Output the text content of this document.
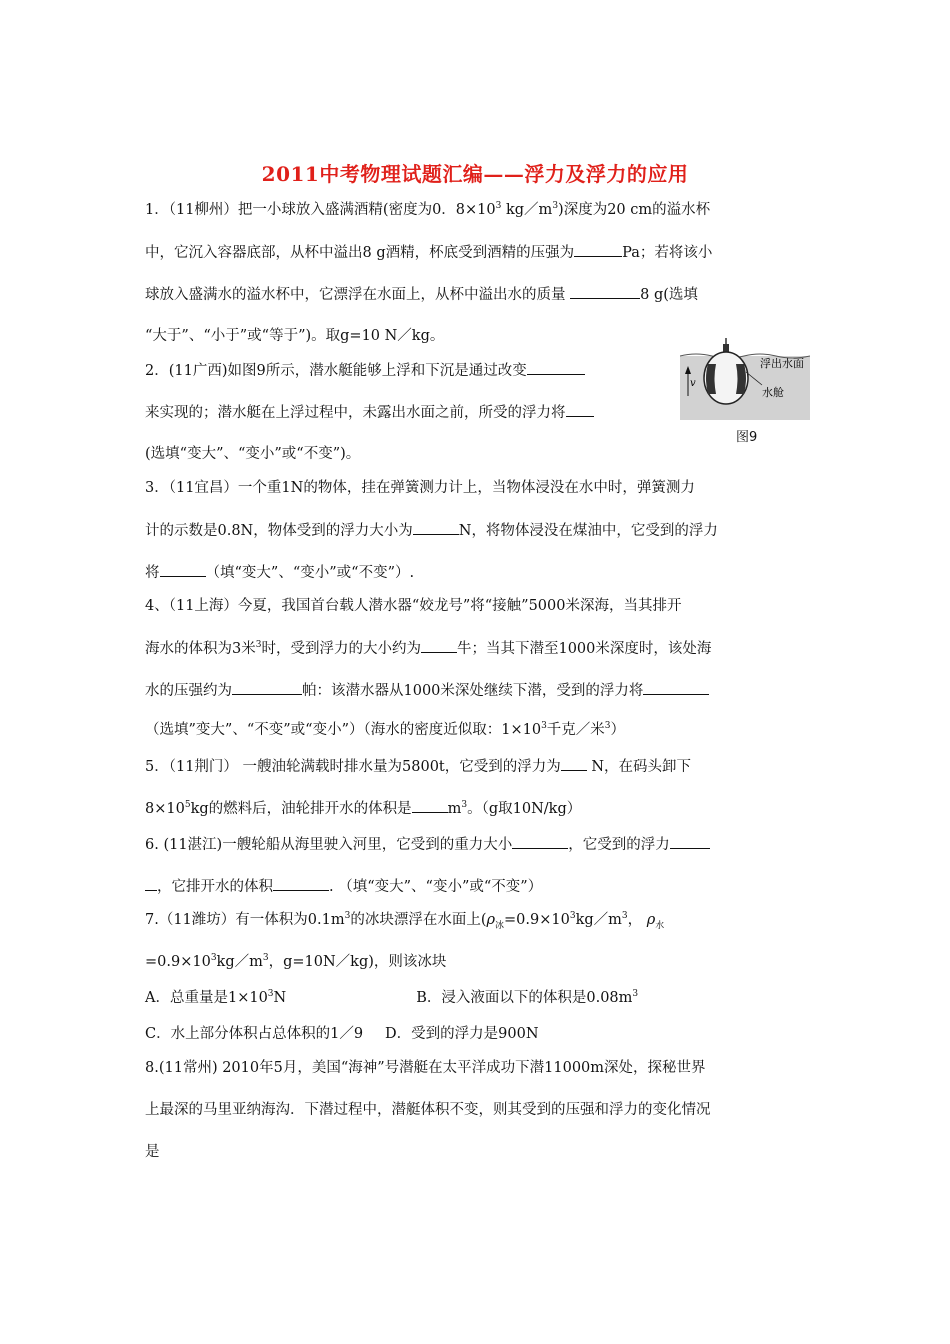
2011中考物理试题汇编——浮力及浮力的应用
1．（11柳州）把一小球放入盛满酒精(密度为0．$8\times 10^3$ $kg/m^3$)深度为20 cm的溢水杯
中，它沉入容器底部，从杯中溢出8 g酒精，杯底受到酒精的压强为	Pa；若将该小
球放入盛满水的溢水杯中，它漂浮在水面上，从杯中溢出水的质量	8 g(选填
“大于”、“小于”或“等于”)。取g=10 N／kg。
2．(11广西)如图9所示，潜水艇能够上浮和下沉是通过改变
来实现的；潜水艇在上浮过程中，未露出水面之前，所受的浮力将
(选填“变大”、“变小”或“不变”)。
v
浮出水面
水舱
图9
3．（11宜昌）一个重1N的物体，挂在弹簧测力计上，当物体浸没在水中时，弹簧测力
计的示数是0.8N，物体受到的浮力大小为	N，将物体浸没在煤油中，它受到的浮力
将	（填“变大”、“变小”或“不变”）.
4、（11上海）今夏，我国首台载人潜水器“姣龙号”将“接触”5000米深海，当其排开
海水的体积为3米$^3$时，受到浮力的大小约为 牛；当其下潜至1000米深度时，该处海
水的压强约为	帕：该潜水器从1000米深处继续下潜，受到的浮力将
（选填”变大”、“不变”或“变小”）（海水的密度近似取：$1\times 10^3$千克／米$^3$）
5．（11荆门） 一艘油轮满载时排水量为5800t，它受到的浮力为 N，在码头卸下
$8\times 10^5kg$的燃料后，油轮排开水的体积是 $m^3$。（g取10N/kg）
6. (11湛江)一艘轮船从海里驶入河里，它受到的重力大小	，它受到的浮力
，它排开水的体积	. （填“变大”、“变小”或“不变”）
7.（11潍坊）有一体积为$0.1m^3$的冰块漂浮在水面上($\rho_冰=0.9\times 10^3kg/m^3$， $\rho_水$
$=0.9\times 10^3kg/m^3$，g=10N／kg)，则该冰块
A．总重量是$1\times 10^3N$	B．浸入液面以下的体积是$0.08m^3$
C．水上部分体积占总体积的1／9 D．受到的浮力是900N
8.(11常州) 2010年5月，美国“海神”号潜艇在太平洋成功下潜11000m深处，探秘世界
上最深的马里亚纳海沟．下潜过程中，潜艇体积不变，则其受到的压强和浮力的变化情况
是
